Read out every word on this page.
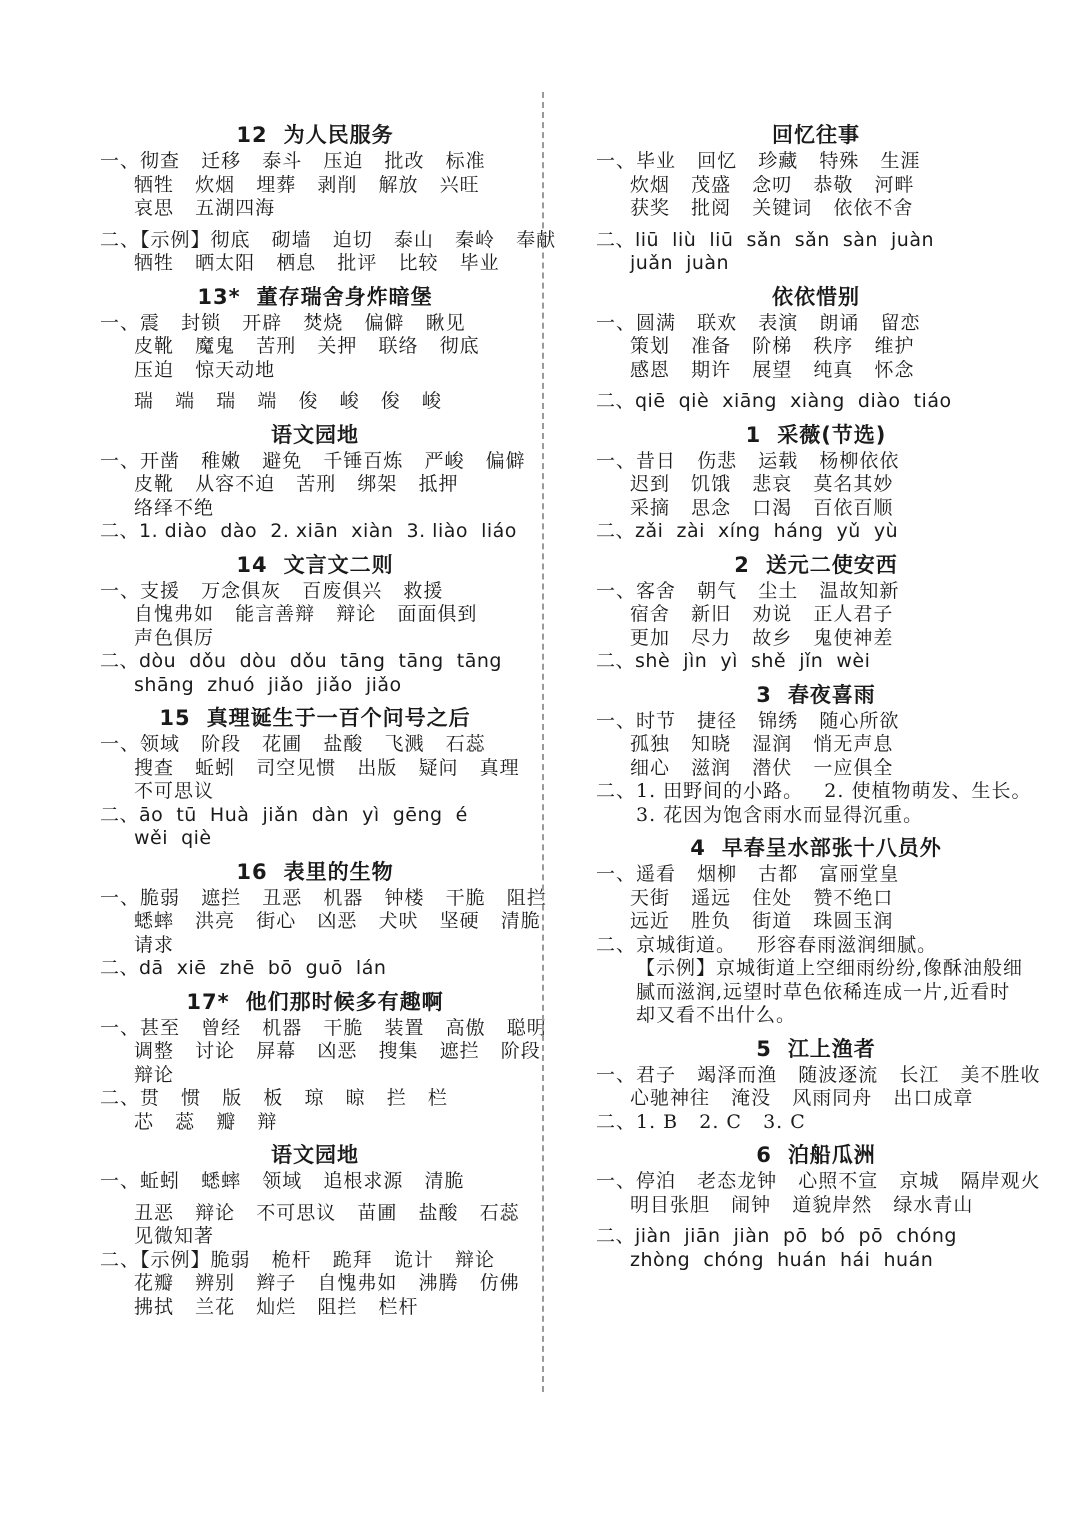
12 为人民服务
一、彻查   迁移   泰斗   压迫   批改   标准
牺牲   炊烟   埋葬   剥削   解放   兴旺
哀思   五湖四海
二、【示例】彻底   砌墙   迫切   泰山   秦岭   奉献
牺牲   晒太阳   栖息   批评   比较   毕业
13* 董存瑞舍身炸暗堡
一、震   封锁   开辟   焚烧   偏僻   瞅见
皮靴   魔鬼   苦刑   关押   联络   彻底
压迫   惊天动地
瑞   端   瑞   端   俊   峻   俊   峻
语文园地
一、开凿   稚嫩   避免   千锤百炼   严峻   偏僻
皮靴   从容不迫   苦刑   绑架   抵押
络绎不绝
二、1. diào  dào  2. xiān  xiàn  3. liào  liáo
14 文言文二则
一、支援   万念俱灰   百废俱兴   救援
自愧弗如   能言善辩   辩论   面面俱到
声色俱厉
二、dòu  dǒu  dòu  dǒu  tāng  tāng  tāng
shāng  zhuó  jiǎo  jiǎo  jiǎo
15 真理诞生于一百个问号之后
一、领域   阶段   花圃   盐酸   飞溅   石蕊
搜查   蚯蚓   司空见惯   出版   疑问   真理
不可思议
二、āo  tū  Huà  jiǎn  dàn  yì  gēng  é
wěi  qiè
16 表里的生物
一、脆弱   遮拦   丑恶   机器   钟楼   干脆   阻拦
蟋蟀   洪亮   街心   凶恶   犬吠   坚硬   清脆
请求
二、dā  xiē  zhē  bō  guō  lán
17* 他们那时候多有趣啊
一、甚至   曾经   机器   干脆   装置   高傲   聪明
调整   讨论   屏幕   凶恶   搜集   遮拦   阶段
辩论
二、贯   惯   版   板   琼   晾   拦   栏
芯   蕊   瓣   辩
语文园地
一、蚯蚓   蟋蟀   领域   追根求源   清脆
丑恶   辩论   不可思议   苗圃   盐酸   石蕊
见微知著
二、【示例】脆弱   桅杆   跪拜   诡计   辩论
花瓣   辨别   辫子   自愧弗如   沸腾   仿佛
拂拭   兰花   灿烂   阻拦   栏杆
回忆往事
一、毕业   回忆   珍藏   特殊   生涯
炊烟   茂盛   念叨   恭敬   河畔
获奖   批阅   关键词   依依不舍
二、liū  liù  liū  sǎn  sǎn  sàn  juàn
juǎn  juàn
依依惜别
一、圆满   联欢   表演   朗诵   留恋
策划   准备   阶梯   秩序   维护
感恩   期许   展望   纯真   怀念
二、qiē  qiè  xiāng  xiàng  diào  tiáo
1 采薇(节选)
一、昔日   伤悲   运载   杨柳依依
迟到   饥饿   悲哀   莫名其妙
采摘   思念   口渴   百依百顺
二、zǎi  zài  xíng  háng  yǔ  yù
2 送元二使安西
一、客舍   朝气   尘土   温故知新
宿舍   新旧   劝说   正人君子
更加   尽力   故乡   鬼使神差
二、shè  jìn  yì  shě  jǐn  wèi
3 春夜喜雨
一、时节   捷径   锦绣   随心所欲
孤独   知晓   湿润   悄无声息
细心   滋润   潜伏   一应俱全
二、1. 田野间的小路。   2. 使植物萌发、生长。
3. 花因为饱含雨水而显得沉重。
4 早春呈水部张十八员外
一、遥看   烟柳   古都   富丽堂皇
天街   遥远   住处   赞不绝口
远近   胜负   街道   珠圆玉润
二、京城街道。   形容春雨滋润细腻。
【示例】京城街道上空细雨纷纷,像酥油般细
腻而滋润,远望时草色依稀连成一片,近看时
却又看不出什么。
5 江上渔者
一、君子   竭泽而渔   随波逐流   长江   美不胜收
心驰神往   淹没   风雨同舟   出口成章
二、1. B   2. C   3. C
6 泊船瓜洲
一、停泊   老态龙钟   心照不宣   京城   隔岸观火
明目张胆   闹钟   道貌岸然   绿水青山
二、jiàn  jiān  jiàn  pō  bó  pō  chóng
zhòng  chóng  huán  hái  huán
